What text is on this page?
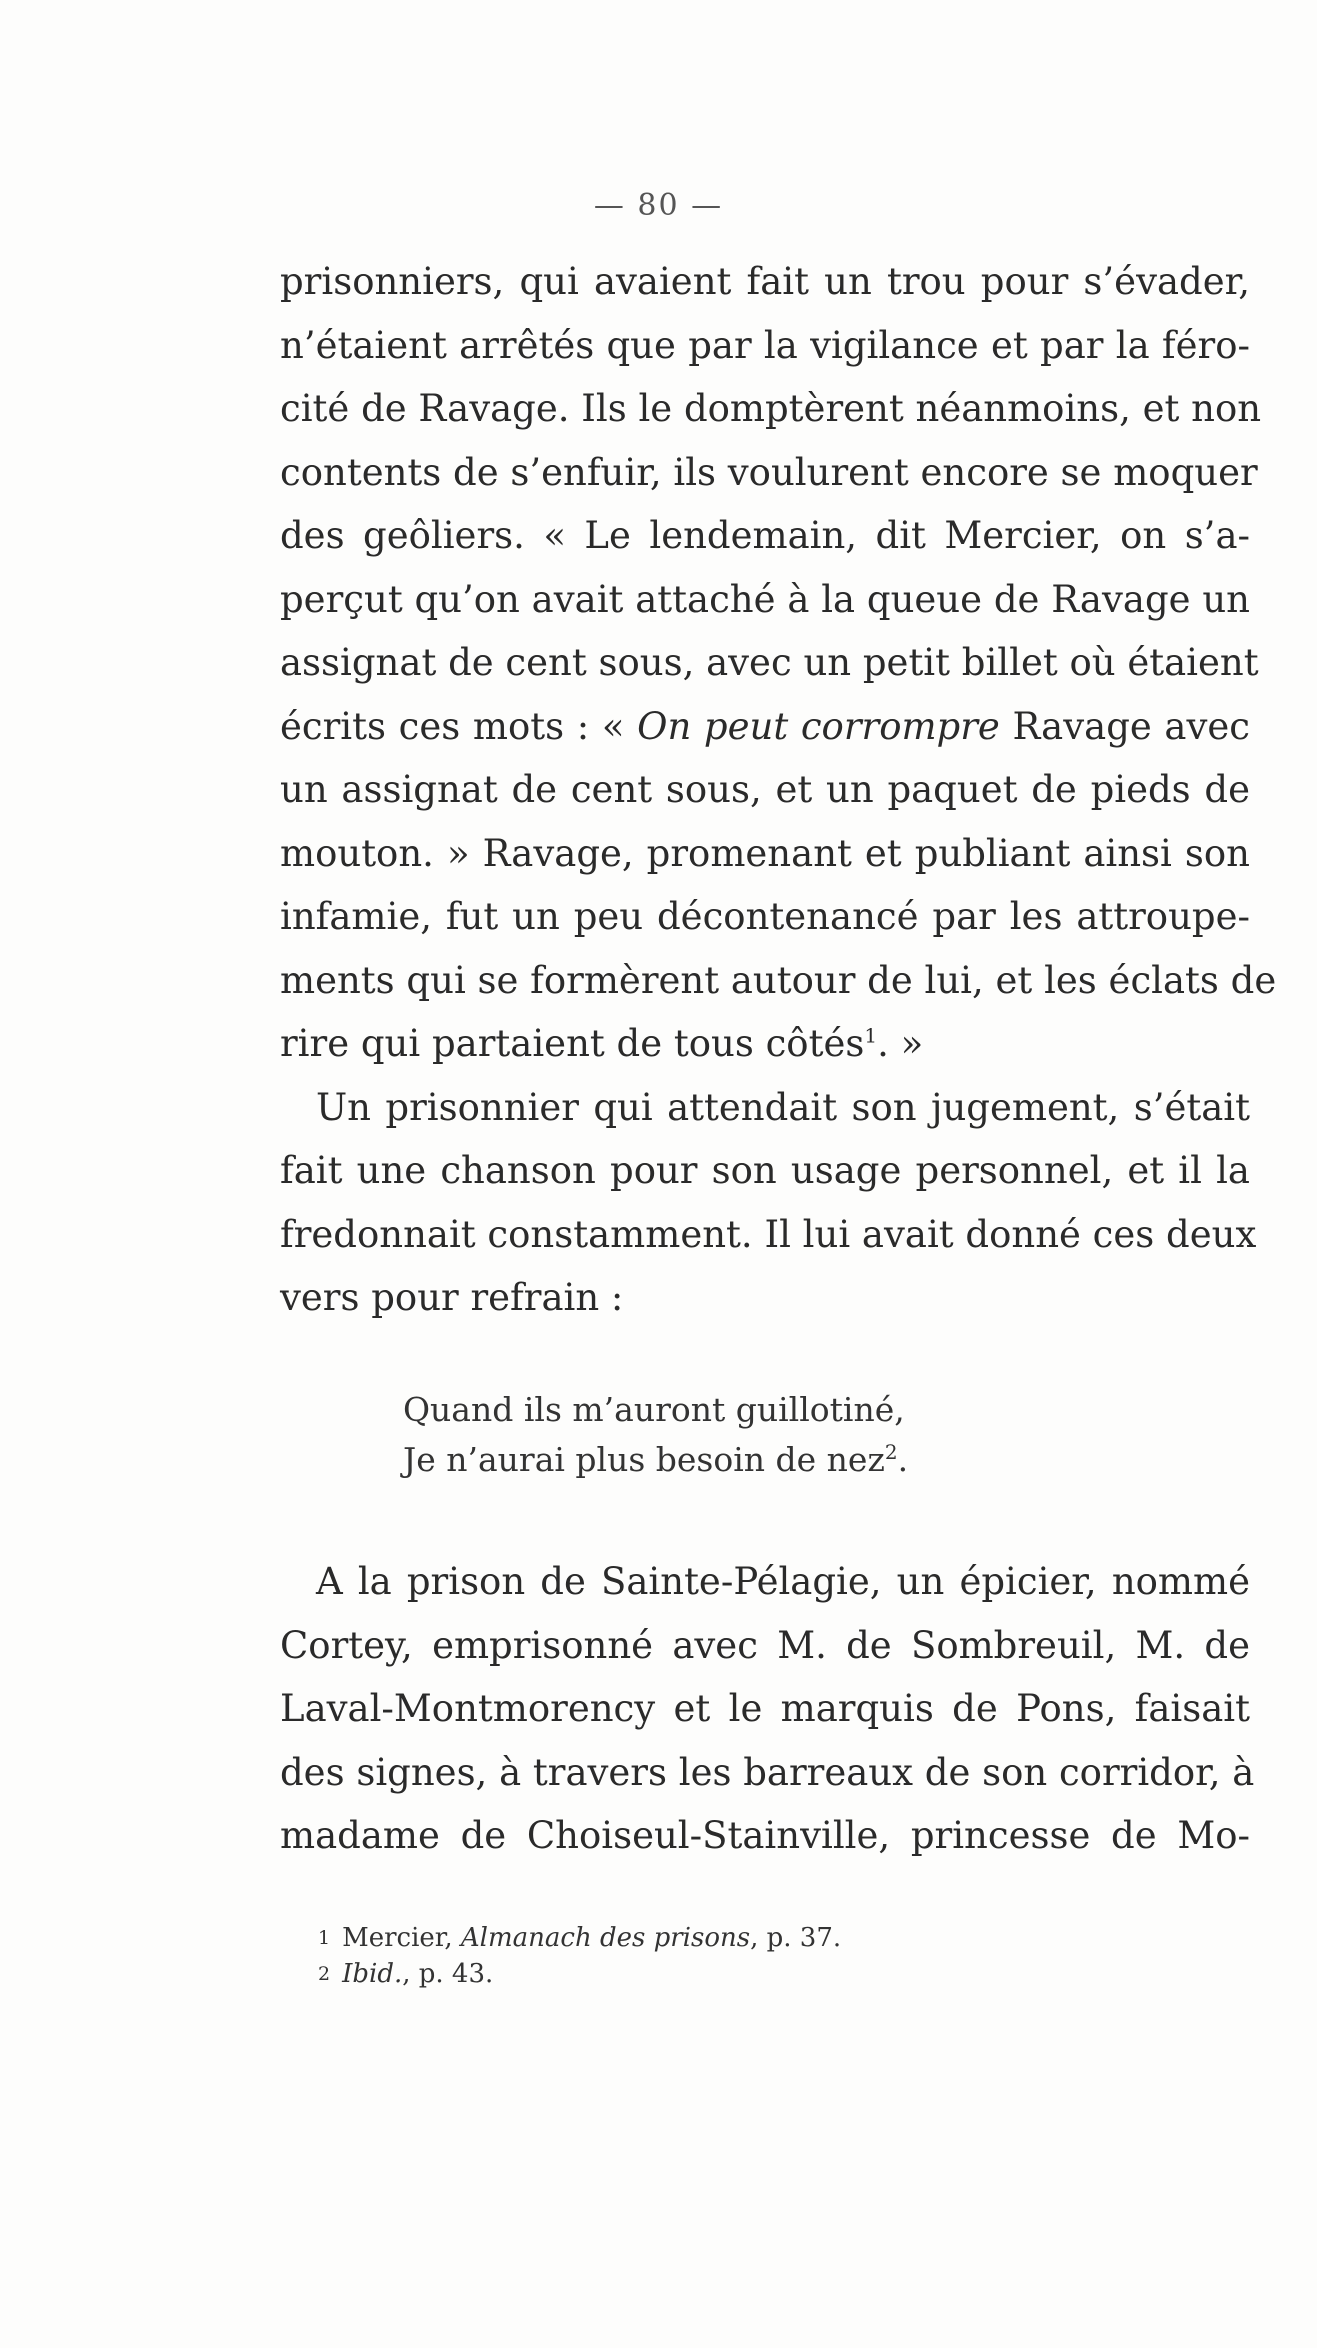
— 80 —
prisonniers, qui avaient fait un trou pour s’évader,
n’étaient arrêtés que par la vigilance et par la féro-
cité de Ravage. Ils le domptèrent néanmoins, et non
contents de s’enfuir, ils voulurent encore se moquer
des geôliers. « Le lendemain, dit Mercier, on s’a-
perçut qu’on avait attaché à la queue de Ravage un
assignat de cent sous, avec un petit billet où étaient
écrits ces mots : « On peut corrompre Ravage avec
un assignat de cent sous, et un paquet de pieds de
mouton. » Ravage, promenant et publiant ainsi son
infamie, fut un peu décontenancé par les attroupe-
ments qui se formèrent autour de lui, et les éclats de
rire qui partaient de tous côtés$^1$. »
Un prisonnier qui attendait son jugement, s’était
fait une chanson pour son usage personnel, et il la
fredonnait constamment. Il lui avait donné ces deux
vers pour refrain :
Quand ils m’auront guillotiné,
Je n’aurai plus besoin de nez$^2$.
A la prison de Sainte-Pélagie, un épicier, nommé
Cortey, emprisonné avec M. de Sombreuil, M. de
Laval-Montmorency et le marquis de Pons, faisait
des signes, à travers les barreaux de son corridor, à
madame de Choiseul-Stainville, princesse de Mo-
1 Mercier, Almanach des prisons, p. 37.
2 Ibid., p. 43.
